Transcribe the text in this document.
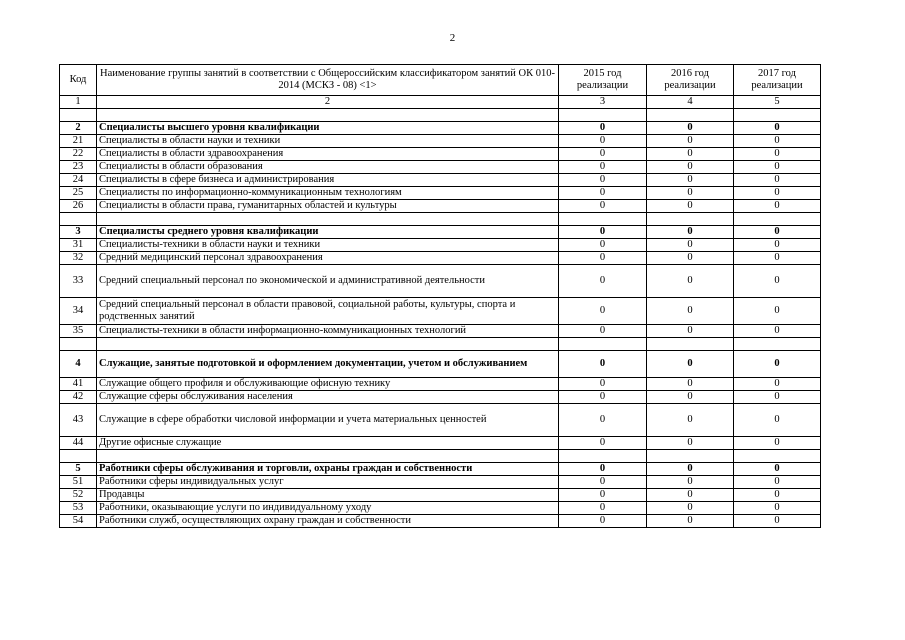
2
Код	Наименование группы занятий в соответствии с Общероссийским классификатором занятий ОК 010-2014 (МСКЗ - 08) <1>	2015 год реализации	2016 год реализации	2017 год реализации
1	2	3	4	5

2	Специалисты высшего уровня квалификации	0	0	0
21	Специалисты в области науки и техники	0	0	0
22	Специалисты в области здравоохранения	0	0	0
23	Специалисты в области образования	0	0	0
24	Специалисты в сфере бизнеса и администрирования	0	0	0
25	Специалисты по информационно-коммуникационным технологиям	0	0	0
26	Специалисты в области права, гуманитарных областей и культуры	0	0	0

3	Специалисты среднего уровня квалификации	0	0	0
31	Специалисты-техники в области науки и техники	0	0	0
32	Средний медицинский персонал здравоохранения	0	0	0
33	Средний специальный персонал по экономической и административной деятельности	0	0	0
34	Средний специальный персонал в области правовой, социальной работы, культуры, спорта и родственных занятий	0	0	0
35	Специалисты-техники в области информационно-коммуникационных технологий	0	0	0

4	Служащие, занятые подготовкой и оформлением документации, учетом и обслуживанием	0	0	0
41	Служащие общего профиля и обслуживающие офисную технику	0	0	0
42	Служащие сферы обслуживания населения	0	0	0
43	Служащие в сфере обработки числовой информации и учета материальных ценностей	0	0	0
44	Другие офисные служащие	0	0	0

5	Работники сферы обслуживания и торговли, охраны граждан и собственности	0	0	0
51	Работники сферы индивидуальных услуг	0	0	0
52	Продавцы	0	0	0
53	Работники, оказывающие услуги по индивидуальному уходу	0	0	0
54	Работники служб, осуществляющих охрану граждан и собственности	0	0	0
